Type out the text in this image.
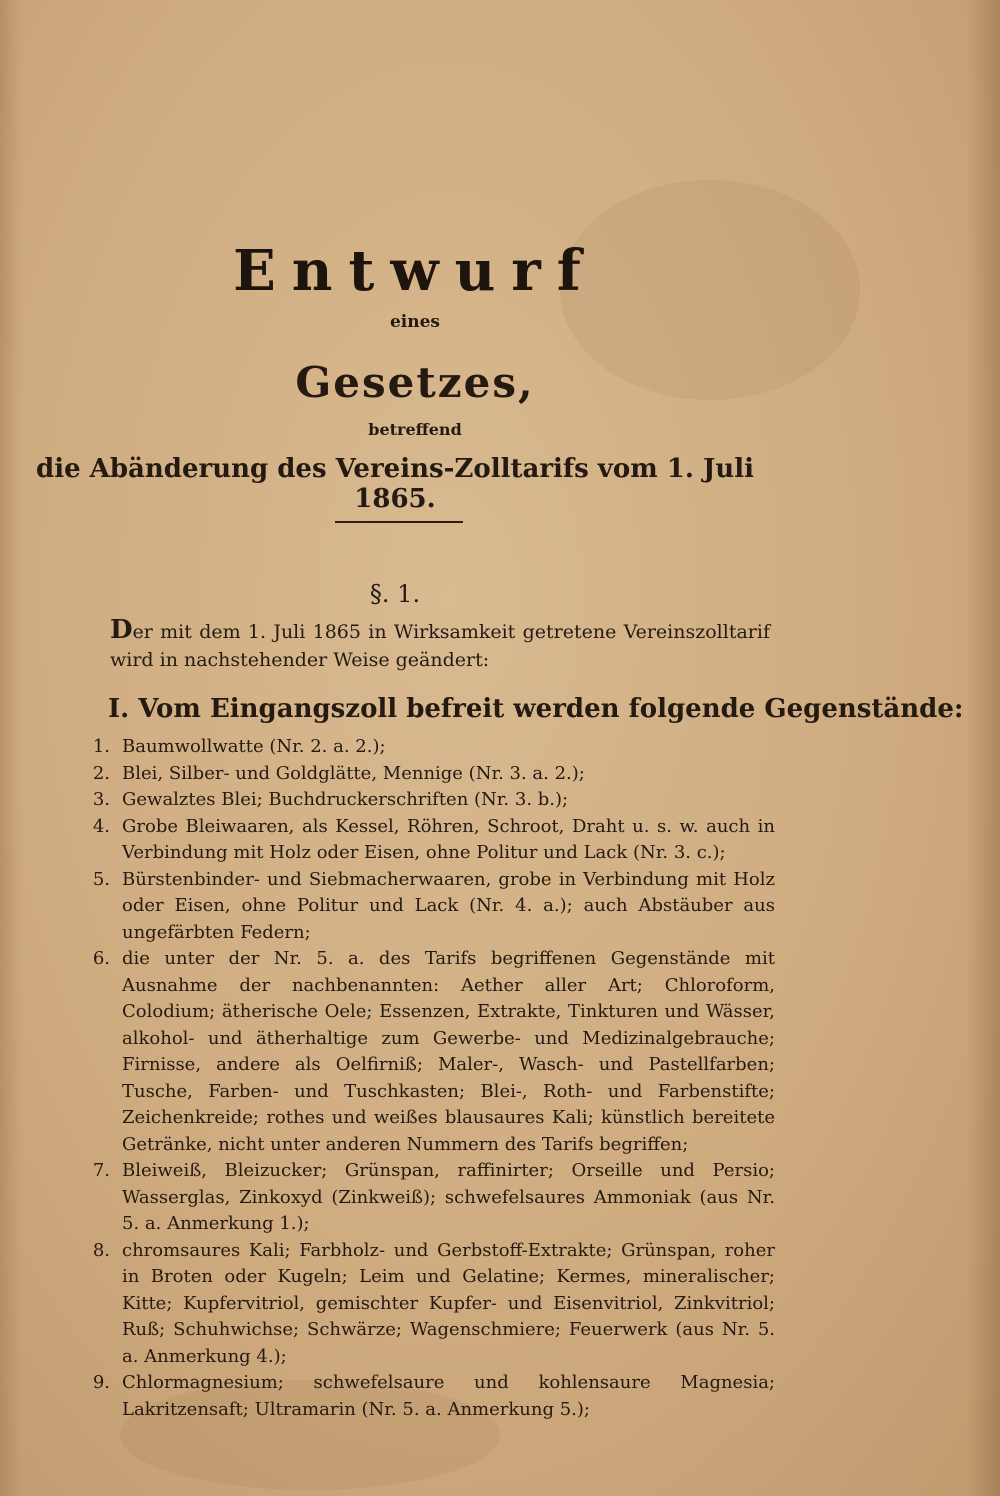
Entwurf
eines
Gesetzes,
betreffend
die Abänderung des Vereins-Zolltarifs vom 1. Juli 1865.
§. 1.
Der mit dem 1. Juli 1865 in Wirksamkeit getretene Vereinszolltarif wird in nachstehender Weise geändert:
I. Vom Eingangszoll befreit werden folgende Gegenstände:
1. Baumwollwatte (Nr. 2. a. 2.);
2. Blei, Silber- und Goldglätte, Mennige (Nr. 3. a. 2.);
3. Gewalztes Blei; Buchdruckerschriften (Nr. 3. b.);
4. Grobe Bleiwaaren, als Kessel, Röhren, Schroot, Draht u. s. w. auch in Verbindung mit Holz oder Eisen, ohne Politur und Lack (Nr. 3. c.);
5. Bürstenbinder- und Siebmacherwaaren, grobe in Verbindung mit Holz oder Eisen, ohne Politur und Lack (Nr. 4. a.); auch Abstäuber aus ungefärbten Federn;
6. die unter der Nr. 5. a. des Tarifs begriffenen Gegenstände mit Ausnahme der nachbenannten: Aether aller Art; Chloroform, Colodium; ätherische Oele; Essenzen, Extrakte, Tinkturen und Wässer, alkohol- und ätherhaltige zum Gewerbe- und Medizinalgebrauche; Firnisse, andere als Oelfirniß; Maler-, Wasch- und Pastellfarben; Tusche, Farben- und Tuschkasten; Blei-, Roth- und Farbenstifte; Zeichenkreide; rothes und weißes blausaures Kali; künstlich bereitete Getränke, nicht unter anderen Nummern des Tarifs begriffen;
7. Bleiweiß, Bleizucker; Grünspan, raffinirter; Orseille und Persio; Wasserglas, Zinkoxyd (Zinkweiß); schwefelsaures Ammoniak (aus Nr. 5. a. Anmerkung 1.);
8. chromsaures Kali; Farbholz- und Gerbstoff-Extrakte; Grünspan, roher in Broten oder Kugeln; Leim und Gelatine; Kermes, mineralischer; Kitte; Kupfervitriol, gemischter Kupfer- und Eisenvitriol, Zinkvitriol; Ruß; Schuhwichse; Schwärze; Wagenschmiere; Feuerwerk (aus Nr. 5. a. Anmerkung 4.);
9. Chlormagnesium; schwefelsaure und kohlensaure Magnesia; Lakritzensaft; Ultramarin (Nr. 5. a. Anmerkung 5.);
